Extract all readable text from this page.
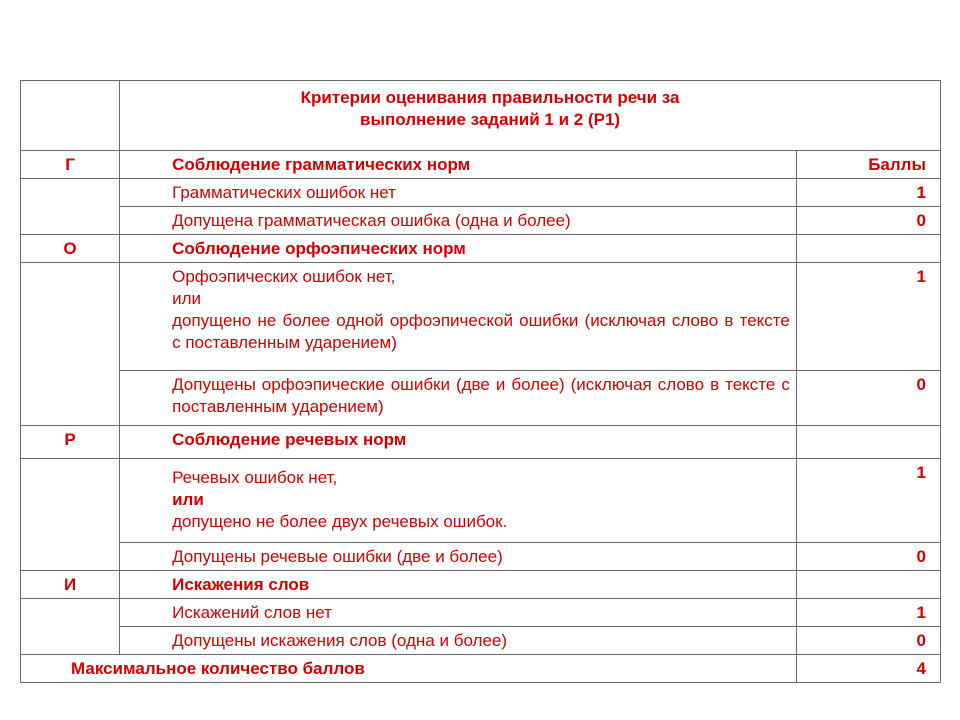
	Критерии оценивания правильности речи за
выполнение заданий 1 и 2 (Р1)	
Г	Соблюдение грамматических норм	Баллы
	Грамматических ошибок нет	1
	Допущена грамматическая ошибка (одна и более)	0
О	Соблюдение орфоэпических норм	

	Орфоэпических ошибок нет,
или
допущено не более одной орфоэпической ошибки (исключая слово в тексте с поставленным ударением)	1

	Допущены орфоэпические ошибки (две и более) (исключая слово в тексте с поставленным ударением)	0
Р	Соблюдение речевых норм	

	Речевых ошибок нет,
или
допущено не более двух речевых ошибок.	1
	Допущены речевые ошибки (две и более)	0
И	Искажения слов	
	Искажений слов нет	1
	Допущены искажения слов (одна и более)	0
Максимальное количество баллов		4
